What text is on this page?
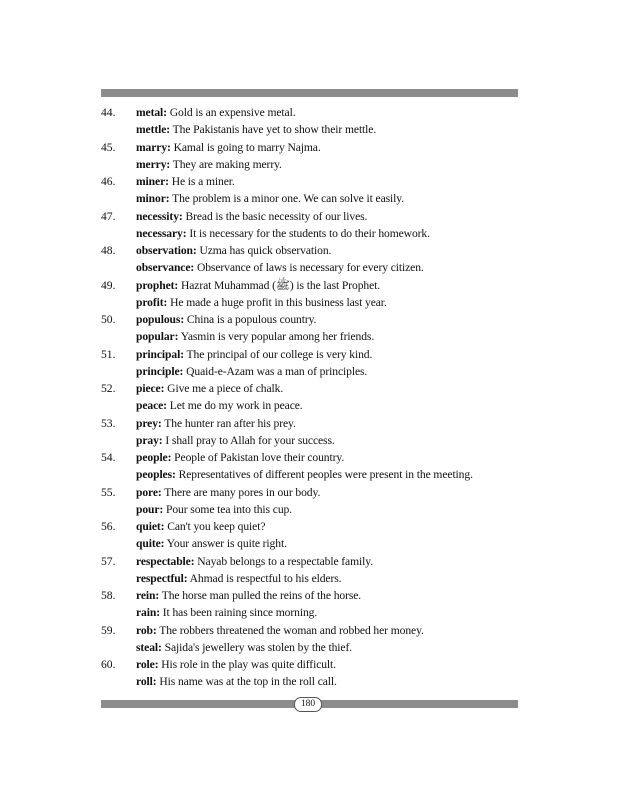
44. metal: Gold is an expensive metal.
mettle: The Pakistanis have yet to show their mettle.
45. marry: Kamal is going to marry Najma.
merry: They are making merry.
46. miner: He is a miner.
minor: The problem is a minor one. We can solve it easily.
47. necessity: Bread is the basic necessity of our lives.
necessary: It is necessary for the students to do their homework.
48. observation: Uzma has quick observation.
observance: Observance of laws is necessary for every citizen.
49. prophet: Hazrat Muhammad (ﷺ) is the last Prophet.
profit: He made a huge profit in this business last year.
50. populous: China is a populous country.
popular: Yasmin is very popular among her friends.
51. principal: The principal of our college is very kind.
principle: Quaid-e-Azam was a man of principles.
52. piece: Give me a piece of chalk.
peace: Let me do my work in peace.
53. prey: The hunter ran after his prey.
pray: I shall pray to Allah for your success.
54. people: People of Pakistan love their country.
peoples: Representatives of different peoples were present in the meeting.
55. pore: There are many pores in our body.
pour: Pour some tea into this cup.
56. quiet: Can't you keep quiet?
quite: Your answer is quite right.
57. respectable: Nayab belongs to a respectable family.
respectful: Ahmad is respectful to his elders.
58. rein: The horse man pulled the reins of the horse.
rain: It has been raining since morning.
59. rob: The robbers threatened the woman and robbed her money.
steal: Sajida's jewellery was stolen by the thief.
60. role: His role in the play was quite difficult.
roll: His name was at the top in the roll call.
180
